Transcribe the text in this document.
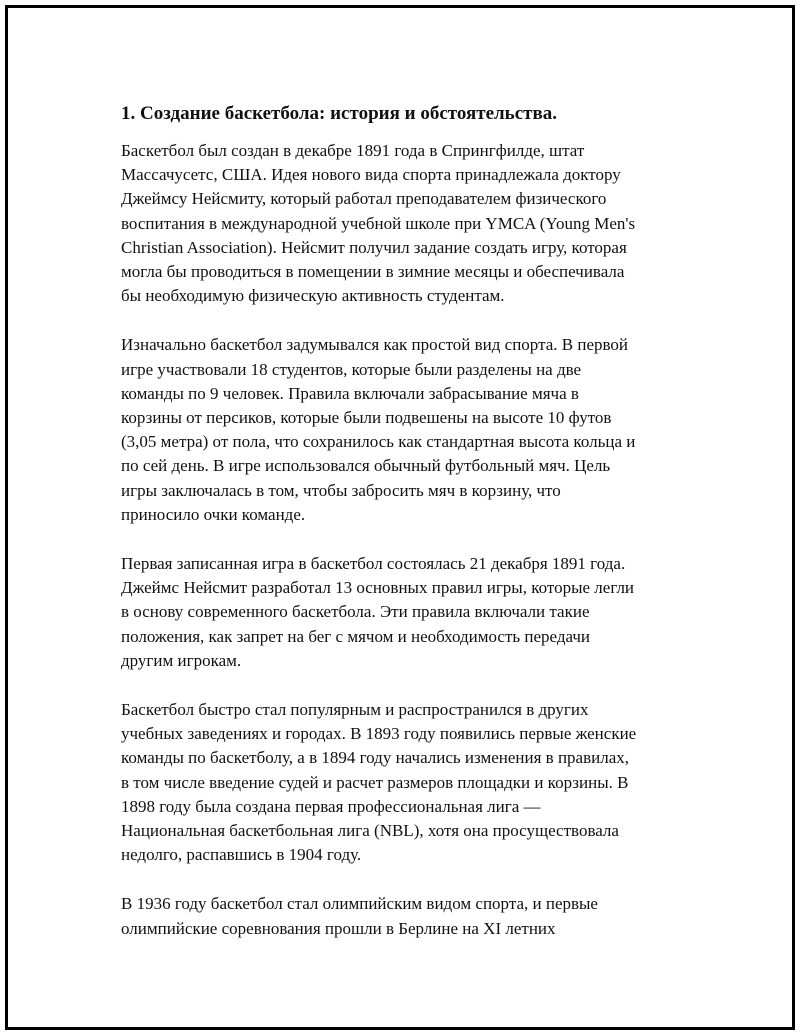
1. Создание баскетбола: история и обстоятельства.

Баскетбол был создан в декабре 1891 года в Спрингфилде, штат
Массачусетс, США. Идея нового вида спорта принадлежала доктору
Джеймсу Нейсмиту, который работал преподавателем физического
воспитания в международной учебной школе при YMCA (Young Men's
Christian Association). Нейсмит получил задание создать игру, которая
могла бы проводиться в помещении в зимние месяцы и обеспечивала
бы необходимую физическую активность студентам.

Изначально баскетбол задумывался как простой вид спорта. В первой
игре участвовали 18 студентов, которые были разделены на две
команды по 9 человек. Правила включали забрасывание мяча в
корзины от персиков, которые были подвешены на высоте 10 футов
(3,05 метра) от пола, что сохранилось как стандартная высота кольца и
по сей день. В игре использовался обычный футбольный мяч. Цель
игры заключалась в том, чтобы забросить мяч в корзину, что
приносило очки команде.

Первая записанная игра в баскетбол состоялась 21 декабря 1891 года.
Джеймс Нейсмит разработал 13 основных правил игры, которые легли
в основу современного баскетбола. Эти правила включали такие
положения, как запрет на бег с мячом и необходимость передачи
другим игрокам.

Баскетбол быстро стал популярным и распространился в других
учебных заведениях и городах. В 1893 году появились первые женские
команды по баскетболу, а в 1894 году начались изменения в правилах,
в том числе введение судей и расчет размеров площадки и корзины. В
1898 году была создана первая профессиональная лига —
Национальная баскетбольная лига (NBL), хотя она просуществовала
недолго, распавшись в 1904 году.

В 1936 году баскетбол стал олимпийским видом спорта, и первые
олимпийские соревнования прошли в Берлине на XI летних
